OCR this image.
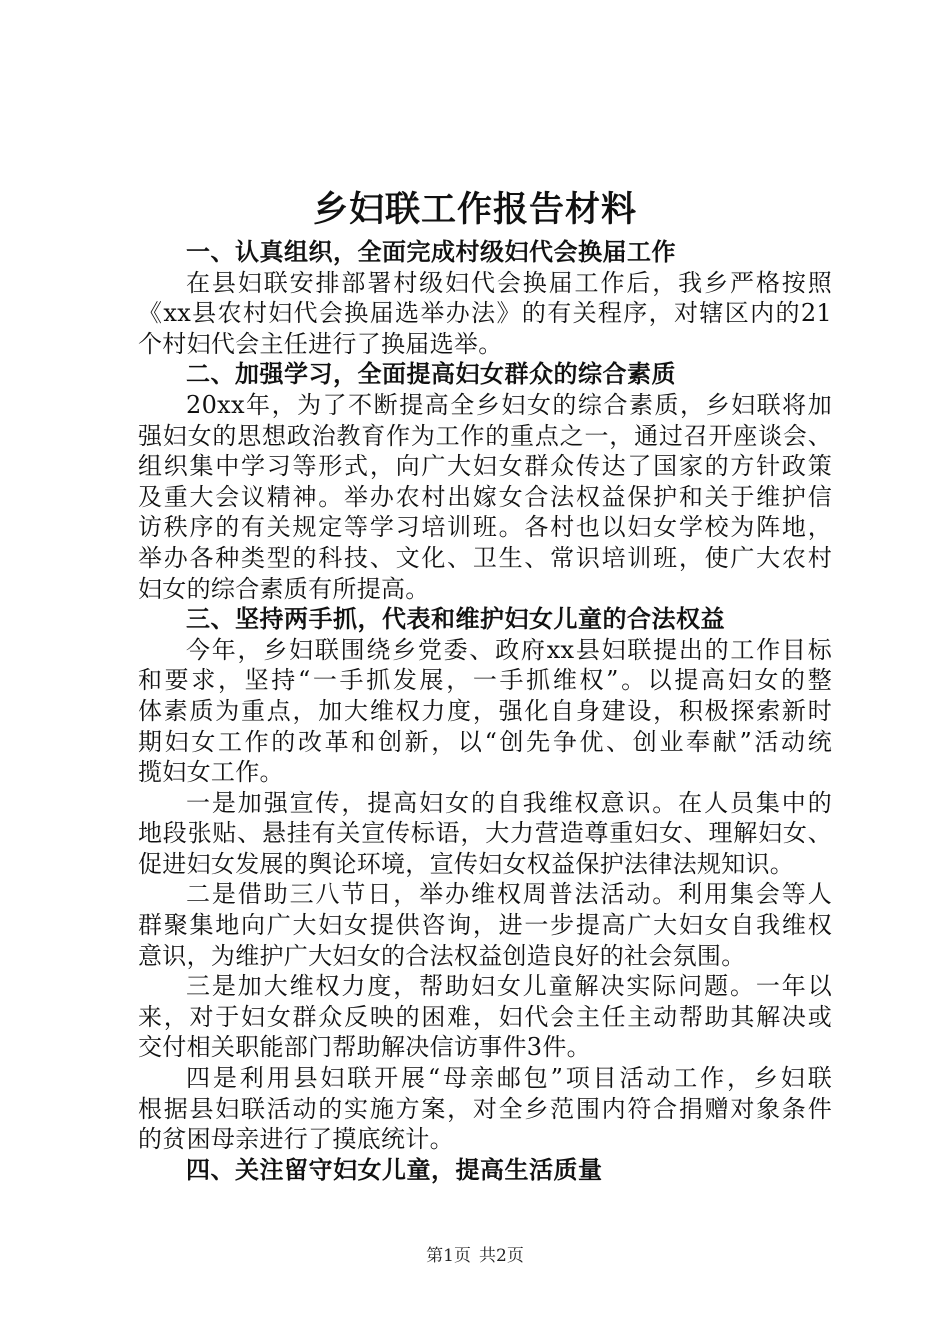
乡妇联工作报告材料
一、认真组织，全面完成村级妇代会换届工作
在县妇联安排部署村级妇代会换届工作后，我乡严格按照
《xx县农村妇代会换届选举办法》的有关程序，对辖区内的21
个村妇代会主任进行了换届选举。
二、加强学习，全面提高妇女群众的综合素质
20xx年，为了不断提高全乡妇女的综合素质，乡妇联将加
强妇女的思想政治教育作为工作的重点之一，通过召开座谈会、
组织集中学习等形式，向广大妇女群众传达了国家的方针政策
及重大会议精神。举办农村出嫁女合法权益保护和关于维护信
访秩序的有关规定等学习培训班。各村也以妇女学校为阵地，
举办各种类型的科技、文化、卫生、常识培训班，使广大农村
妇女的综合素质有所提高。
三、坚持两手抓，代表和维护妇女儿童的合法权益
今年，乡妇联围绕乡党委、政府xx县妇联提出的工作目标
和要求，坚持“一手抓发展，一手抓维权”。以提高妇女的整
体素质为重点，加大维权力度，强化自身建设，积极探索新时
期妇女工作的改革和创新，以“创先争优、创业奉献”活动统
揽妇女工作。
一是加强宣传，提高妇女的自我维权意识。在人员集中的
地段张贴、悬挂有关宣传标语，大力营造尊重妇女、理解妇女、
促进妇女发展的舆论环境，宣传妇女权益保护法律法规知识。
二是借助三八节日，举办维权周普法活动。利用集会等人
群聚集地向广大妇女提供咨询，进一步提高广大妇女自我维权
意识，为维护广大妇女的合法权益创造良好的社会氛围。
三是加大维权力度，帮助妇女儿童解决实际问题。一年以
来，对于妇女群众反映的困难，妇代会主任主动帮助其解决或
交付相关职能部门帮助解决信访事件3件。
四是利用县妇联开展“母亲邮包”项目活动工作，乡妇联
根据县妇联活动的实施方案，对全乡范围内符合捐赠对象条件
的贫困母亲进行了摸底统计。
四、关注留守妇女儿童，提高生活质量
第1页 共2页
